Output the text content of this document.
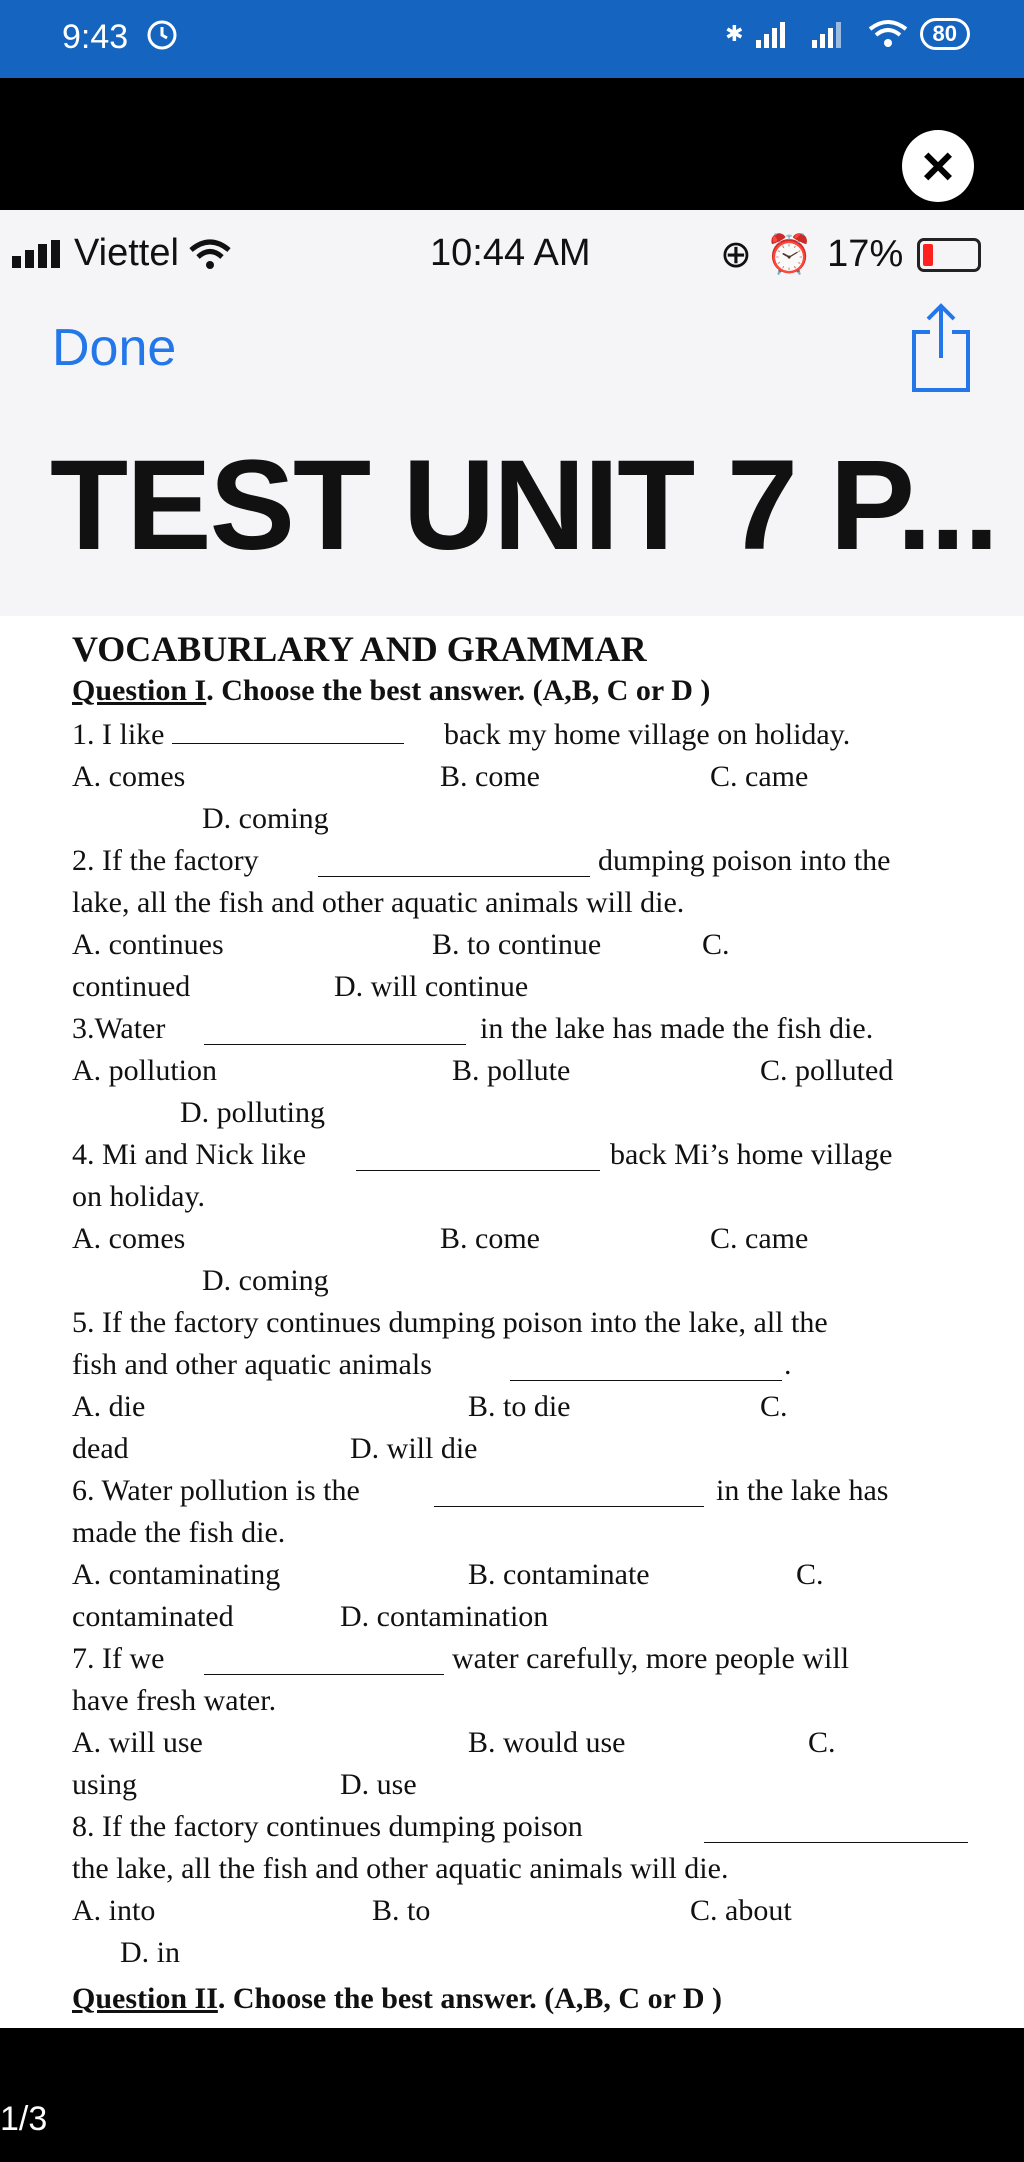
9:43	✱	80
×
Viettel	10:44 AM	⊕ ⏰ 17%
Done
TEST UNIT 7 P...
VOCABURLARY AND GRAMMAR
Question I. Choose the best answer. (A,B, C or D )
1. I like	back my home village on holiday.
A. comes	B. come	C. came
D. coming
2. If the factory	dumping poison into the
lake, all the fish and other aquatic animals will die.
A. continues	B. to continue	C.
continued	D. will continue
3.Water	in the lake has made the fish die.
A. pollution	B. pollute	C. polluted
D. polluting
4. Mi and Nick like	back Mi’s home village
on holiday.
A. comes	B. come	C. came
D. coming
5. If the factory continues dumping poison into the lake, all the
fish and other aquatic animals	.
A. die	B. to die	C.
dead	D. will die
6. Water pollution is the	in the lake has
made the fish die.
A. contaminating	B. contaminate	C.
contaminated	D. contamination
7. If we	water carefully, more people will
have fresh water.
A. will use	B. would use	C.
using	D. use
8. If the factory continues dumping poison
the lake, all the fish and other aquatic animals will die.
A. into	B. to	C. about
D. in
Question II. Choose the best answer. (A,B, C or D )
1/3
